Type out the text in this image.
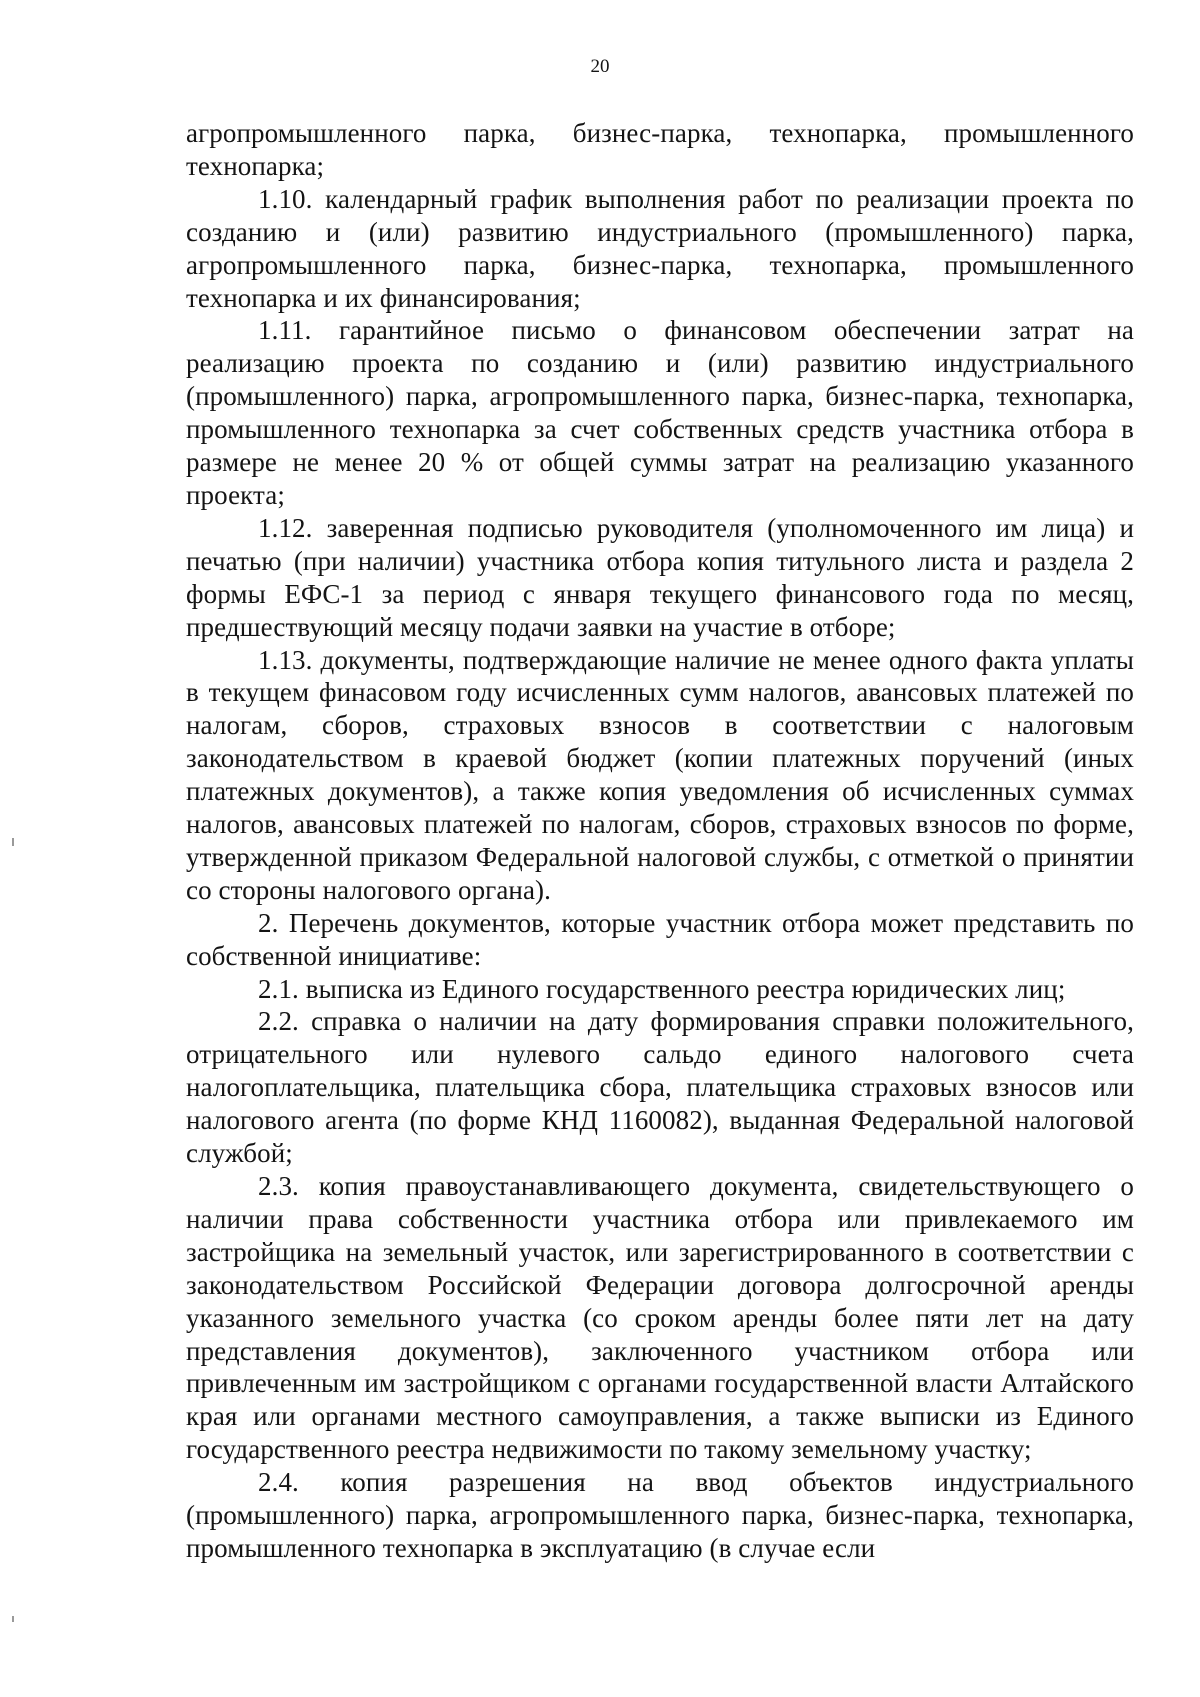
20

агропромышленного парка, бизнес-парка, технопарка, промышленного технопарка;

1.10. календарный график выполнения работ по реализации проекта по созданию и (или) развитию индустриального (промышленного) парка, агропромышленного парка, бизнес-парка, технопарка, промышленного технопарка и их финансирования;

1.11. гарантийное письмо о финансовом обеспечении затрат на реализацию проекта по созданию и (или) развитию индустриального (промышленного) парка, агропромышленного парка, бизнес-парка, технопарка, промышленного технопарка за счет собственных средств участника отбора в размере не менее 20 % от общей суммы затрат на реализацию указанного проекта;

1.12. заверенная подписью руководителя (уполномоченного им лица) и печатью (при наличии) участника отбора копия титульного листа и раздела 2 формы ЕФС-1 за период с января текущего финансового года по месяц, предшествующий месяцу подачи заявки на участие в отборе;

1.13. документы, подтверждающие наличие не менее одного факта уплаты в текущем финасовом году исчисленных сумм налогов, авансовых платежей по налогам, сборов, страховых взносов в соответствии с налоговым законодательством в краевой бюджет (копии платежных поручений (иных платежных документов), а также копия уведомления об исчисленных суммах налогов, авансовых платежей по налогам, сборов, страховых взносов по форме, утвержденной приказом Федеральной налоговой службы, с отметкой о принятии со стороны налогового органа).

2. Перечень документов, которые участник отбора может представить по собственной инициативе:

2.1. выписка из Единого государственного реестра юридических лиц;

2.2. справка о наличии на дату формирования справки положительного, отрицательного или нулевого сальдо единого налогового счета налогоплательщика, плательщика сбора, плательщика страховых взносов или налогового агента (по форме КНД 1160082), выданная Федеральной налоговой службой;

2.3. копия правоустанавливающего документа, свидетельствующего о наличии права собственности участника отбора или привлекаемого им застройщика на земельный участок, или зарегистрированного в соответствии с законодательством Российской Федерации договора долгосрочной аренды указанного земельного участка (со сроком аренды более пяти лет на дату представления документов), заключенного участником отбора или привлеченным им застройщиком с органами государственной власти Алтайского края или органами местного самоуправления, а также выписки из Единого государственного реестра недвижимости по такому земельному участку;

2.4. копия разрешения на ввод объектов индустриального (промышленного) парка, агропромышленного парка, бизнес-парка, технопарка, промышленного технопарка в эксплуатацию (в случае если
